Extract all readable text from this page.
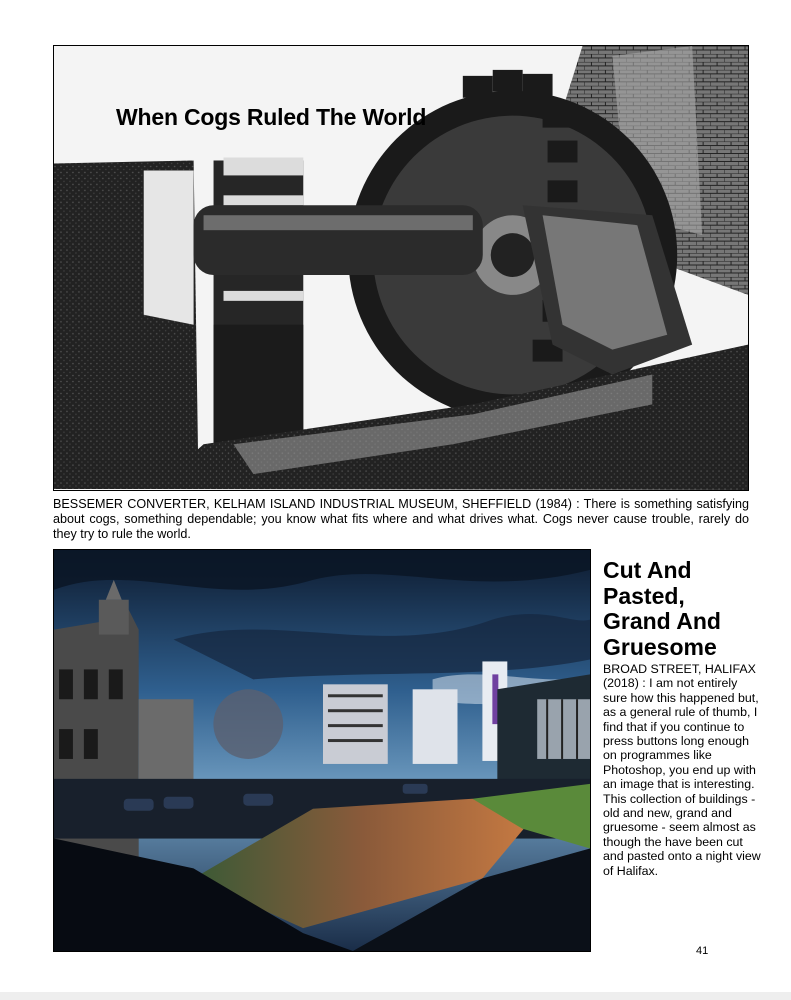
When Cogs Ruled The World

BESSEMER CONVERTER, KELHAM ISLAND INDUSTRIAL MUSEUM, SHEFFIELD (1984) : There is something satisfying about cogs, something dependable; you know what fits where and what drives what. Cogs never cause trouble, rarely do they try to rule the world.

Cut And Pasted, Grand And Gruesome

BROAD STREET, HALIFAX (2018) : I am not entirely sure how this happened but, as a general rule of thumb, I find that if you continue to press buttons long enough on programmes like Photoshop, you end up with an image that is interesting. This collection of buildings - old and new, grand and gruesome - seem almost as though the have been cut and pasted onto a night view of Halifax.

41
